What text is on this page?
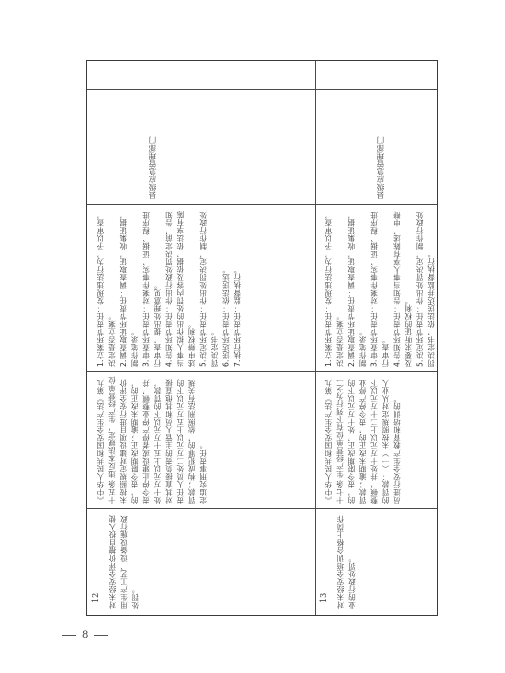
12	对未经安全评价擅自投入使用生产工艺、设备设施行政处罚。
《中华人民共和国安全生产法》第九十五条 违反本法规定，生产经营单位未按照规定对建设项目进行安全评价的，责令限期改正；逾期未改正的，责令停止建设或者停产停业整顿，并处十万元以上五十万元以下的罚款，对其直接负责的主管人员和其他直接责任人员处二万元以上五万元以下的罚款；构成犯罪的，依照刑法有关规定追究刑事责任。
1.立案环节责任：发现违法行为，予以审查，决定是否立案。
2.调查取证环节责任：调查取证，收集证据，制作笔录。
3.审查环节责任：对案件事实、证据、程序进行审查，提出处理意见。
4.告知环节责任：作出行政处罚决定前，告知当事人拟作出的处罚内容及依据，依法享有陈述申辩权利。
5.决定环节责任：作出处罚决定，制作行政处罚决定书。
6.送达环节责任：依法送达。
7.执行环节责任：监督执行。
县级应急管理部门
13	对未经安全培训合格上岗作业的行政处罚。
《中华人民共和国安全生产法》第九十七条 生产经营单位有下列行为之一的，责令限期改正，处十万元以下的罚款；逾期未改正的，责令停产停业整顿，并处十万元以上二十万元以下的罚款：（一）未按照规定对从业人员进行安全生产教育和培训的。
1.立案环节责任：发现违法行为，予以审查，决定是否立案。
2.调查取证环节责任：调查取证，收集证据，制作笔录。
3.审查环节责任：对案件事实、证据、程序进行审查。
4.告知环节责任：告知当事人享有陈述、申辩及要求听证的权利。
5.决定环节责任：作出处罚决定，制作行政处罚决定书，依法送达并监督执行。
县级应急管理部门
8
